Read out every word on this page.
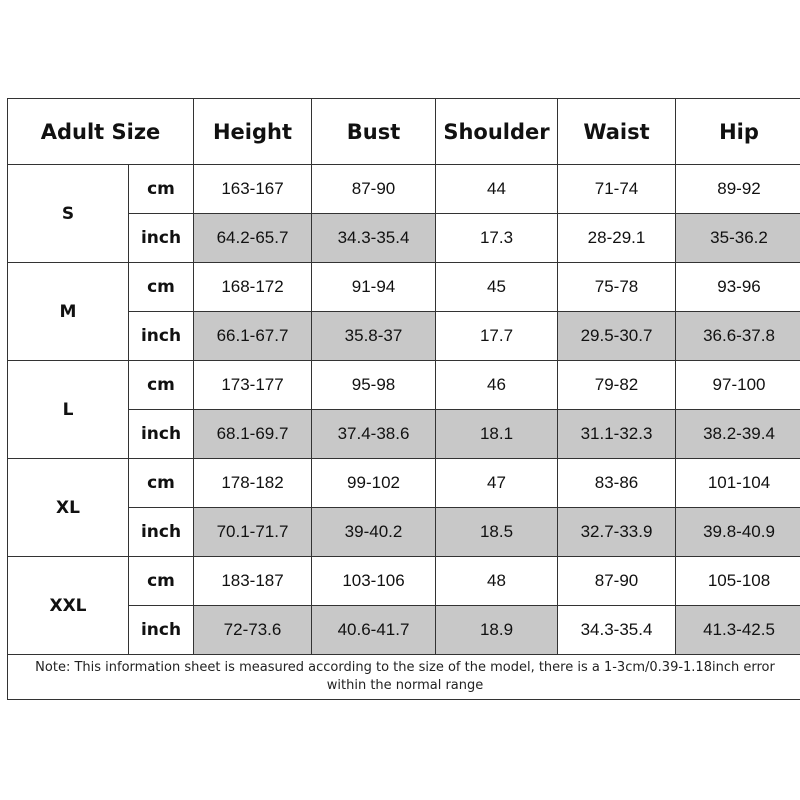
Adult Size		Height	Bust	Shoulder	Waist	Hip
S	cm	163-167	87-90	44	71-74	89-92
	inch	64.2-65.7	34.3-35.4	17.3	28-29.1	35-36.2
M	cm	168-172	91-94	45	75-78	93-96
	inch	66.1-67.7	35.8-37	17.7	29.5-30.7	36.6-37.8
L	cm	173-177	95-98	46	79-82	97-100
	inch	68.1-69.7	37.4-38.6	18.1	31.1-32.3	38.2-39.4
XL	cm	178-182	99-102	47	83-86	101-104
	inch	70.1-71.7	39-40.2	18.5	32.7-33.9	39.8-40.9
XXL	cm	183-187	103-106	48	87-90	105-108
	inch	72-73.6	40.6-41.7	18.9	34.3-35.4	41.3-42.5
Note: This information sheet is measured according to the size of the model, there is a 1-3cm/0.39-1.18inch error within the normal range						
